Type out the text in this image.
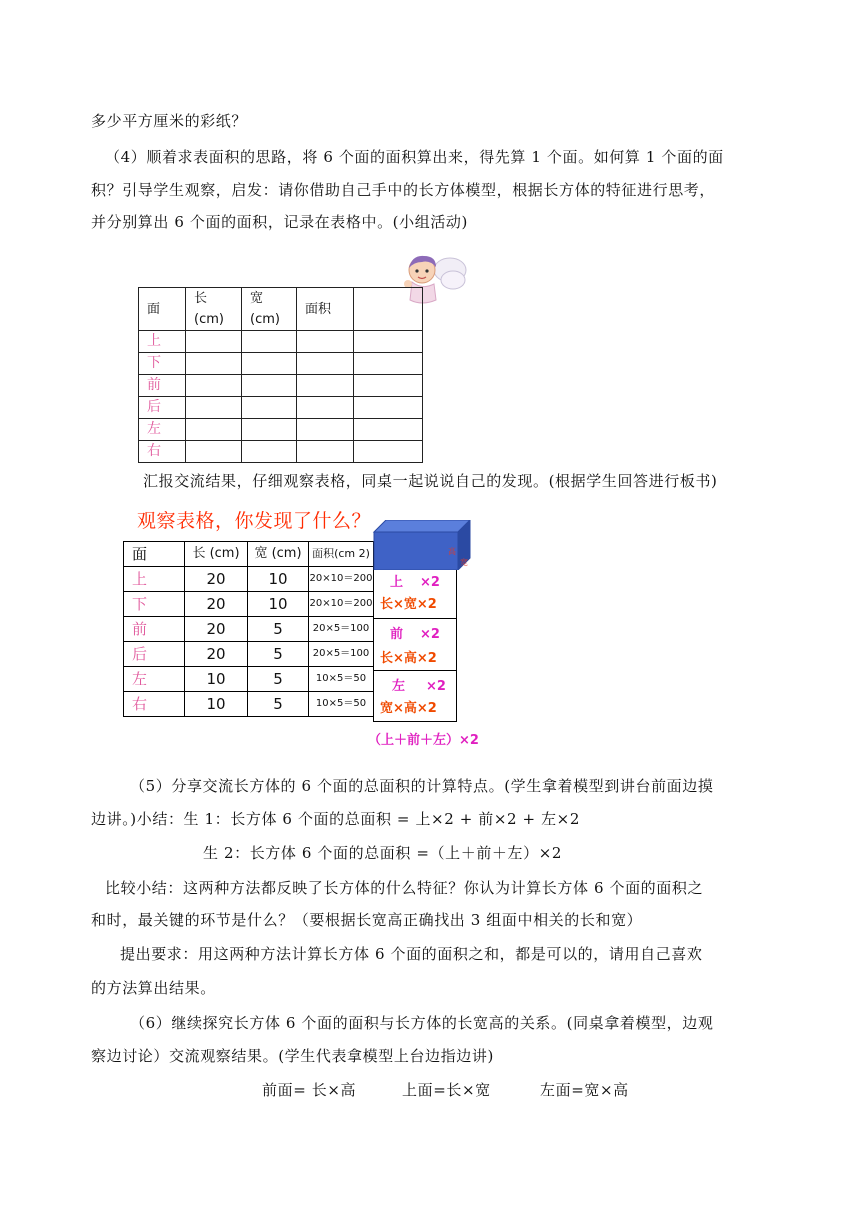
多少平方厘米的彩纸？
（4）顺着求表面积的思路，将 6 个面的面积算出来，得先算 1 个面。如何算 1 个面的面
积？引导学生观察，启发：请你借助自己手中的长方体模型，根据长方体的特征进行思考，
并分别算出 6 个面的面积，记录在表格中。(小组活动)
面	长 (cm)	宽 (cm)	面积	
上				
下				
前				
后				
左				
右				
汇报交流结果，仔细观察表格，同桌一起说说自己的发现。(根据学生回答进行板书)
观察表格，你发现了什么？
面	长 (cm)	宽 (cm)	面积(cm 2)
上	20	10	20×10＝200
下	20	10	20×10＝200
前	20	5	20×5＝100
后	20	5	20×5＝100
左	10	5	10×5＝50
右	10	5	10×5＝50
上 ×2
长×宽×2
前 ×2
长×高×2
左 ×2
宽×高×2
高
宽
（上＋前＋左）×2
（5）分享交流长方体的 6 个面的总面积的计算特点。(学生拿着模型到讲台前面边摸
边讲。)小结：生 1：长方体 6 个面的总面积 = 上×2 + 前×2 + 左×2
生 2：长方体 6 个面的总面积 =（上＋前＋左）×2
比较小结：这两种方法都反映了长方体的什么特征？你认为计算长方体 6 个面的面积之
和时，最关键的环节是什么？（要根据长宽高正确找出 3 组面中相关的长和宽）
提出要求：用这两种方法计算长方体 6 个面的面积之和，都是可以的，请用自己喜欢
的方法算出结果。
（6）继续探究长方体 6 个面的面积与长方体的长宽高的关系。(同桌拿着模型，边观
察边讨论）交流观察结果。(学生代表拿模型上台边指边讲)
前面= 长×高	上面=长×宽	左面=宽×高
